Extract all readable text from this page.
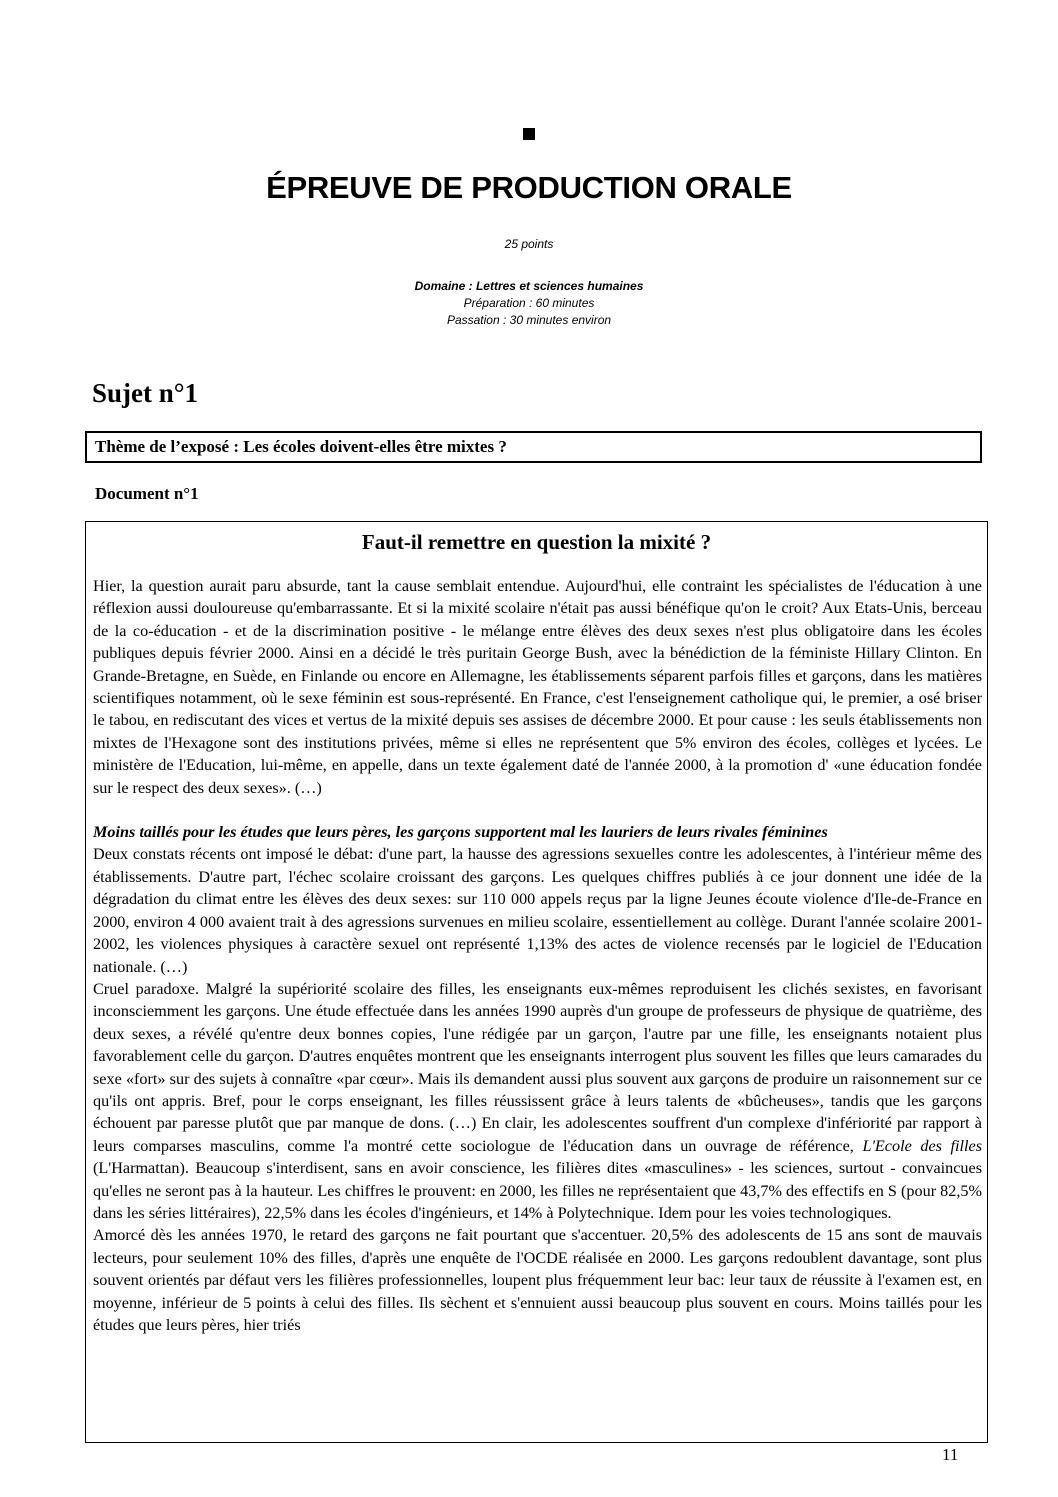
ÉPREUVE DE PRODUCTION ORALE
25 points
Domaine : Lettres et sciences humaines
Préparation : 60 minutes
Passation : 30 minutes environ
Sujet n°1
Thème de l’exposé : Les écoles doivent-elles être mixtes ?
Document n°1
Faut-il remettre en question la mixité ?

Hier, la question aurait paru absurde, tant la cause semblait entendue. Aujourd'hui, elle contraint les spécialistes de l'éducation à une réflexion aussi douloureuse qu'embarrassante. Et si la mixité scolaire n'était pas aussi bénéfique qu'on le croit? Aux Etats-Unis, berceau de la co-éducation - et de la discrimination positive - le mélange entre élèves des deux sexes n'est plus obligatoire dans les écoles publiques depuis février 2000. Ainsi en a décidé le très puritain George Bush, avec la bénédiction de la féministe Hillary Clinton. En Grande-Bretagne, en Suède, en Finlande ou encore en Allemagne, les établissements séparent parfois filles et garçons, dans les matières scientifiques notamment, où le sexe féminin est sous-représenté. En France, c'est l'enseignement catholique qui, le premier, a osé briser le tabou, en rediscutant des vices et vertus de la mixité depuis ses assises de décembre 2000. Et pour cause : les seuls établissements non mixtes de l'Hexagone sont des institutions privées, même si elles ne représentent que 5% environ des écoles, collèges et lycées. Le ministère de l'Education, lui-même, en appelle, dans un texte également daté de l'année 2000, à la promotion d' «une éducation fondée sur le respect des deux sexes». (…)

Moins taillés pour les études que leurs pères, les garçons supportent mal les lauriers de leurs rivales féminines

Deux constats récents ont imposé le débat: d'une part, la hausse des agressions sexuelles contre les adolescentes, à l'intérieur même des établissements. D'autre part, l'échec scolaire croissant des garçons. Les quelques chiffres publiés à ce jour donnent une idée de la dégradation du climat entre les élèves des deux sexes: sur 110 000 appels reçus par la ligne Jeunes écoute violence d'Ile-de-France en 2000, environ 4 000 avaient trait à des agressions survenues en milieu scolaire, essentiellement au collège. Durant l'année scolaire 2001-2002, les violences physiques à caractère sexuel ont représenté 1,13% des actes de violence recensés par le logiciel de l'Education nationale. (…)

Cruel paradoxe. Malgré la supériorité scolaire des filles, les enseignants eux-mêmes reproduisent les clichés sexistes, en favorisant inconsciemment les garçons. Une étude effectuée dans les années 1990 auprès d'un groupe de professeurs de physique de quatrième, des deux sexes, a révélé qu'entre deux bonnes copies, l'une rédigée par un garçon, l'autre par une fille, les enseignants notaient plus favorablement celle du garçon. D'autres enquêtes montrent que les enseignants interrogent plus souvent les filles que leurs camarades du sexe «fort» sur des sujets à connaître «par cœur». Mais ils demandent aussi plus souvent aux garçons de produire un raisonnement sur ce qu'ils ont appris. Bref, pour le corps enseignant, les filles réussissent grâce à leurs talents de «bûcheuses», tandis que les garçons échouent par paresse plutôt que par manque de dons. (…) En clair, les adolescentes souffrent d'un complexe d'infériorité par rapport à leurs comparses masculins, comme l'a montré cette sociologue de l'éducation dans un ouvrage de référence, L'Ecole des filles (L'Harmattan). Beaucoup s'interdisent, sans en avoir conscience, les filières dites «masculines» - les sciences, surtout - convaincues qu'elles ne seront pas à la hauteur. Les chiffres le prouvent: en 2000, les filles ne représentaient que 43,7% des effectifs en S (pour 82,5% dans les séries littéraires), 22,5% dans les écoles d'ingénieurs, et 14% à Polytechnique. Idem pour les voies technologiques.

Amorcé dès les années 1970, le retard des garçons ne fait pourtant que s'accentuer. 20,5% des adolescents de 15 ans sont de mauvais lecteurs, pour seulement 10% des filles, d'après une enquête de l'OCDE réalisée en 2000. Les garçons redoublent davantage, sont plus souvent orientés par défaut vers les filières professionnelles, loupent plus fréquemment leur bac: leur taux de réussite à l'examen est, en moyenne, inférieur de 5 points à celui des filles. Ils sèchent et s'ennuient aussi beaucoup plus souvent en cours. Moins taillés pour les études que leurs pères, hier triés

11
